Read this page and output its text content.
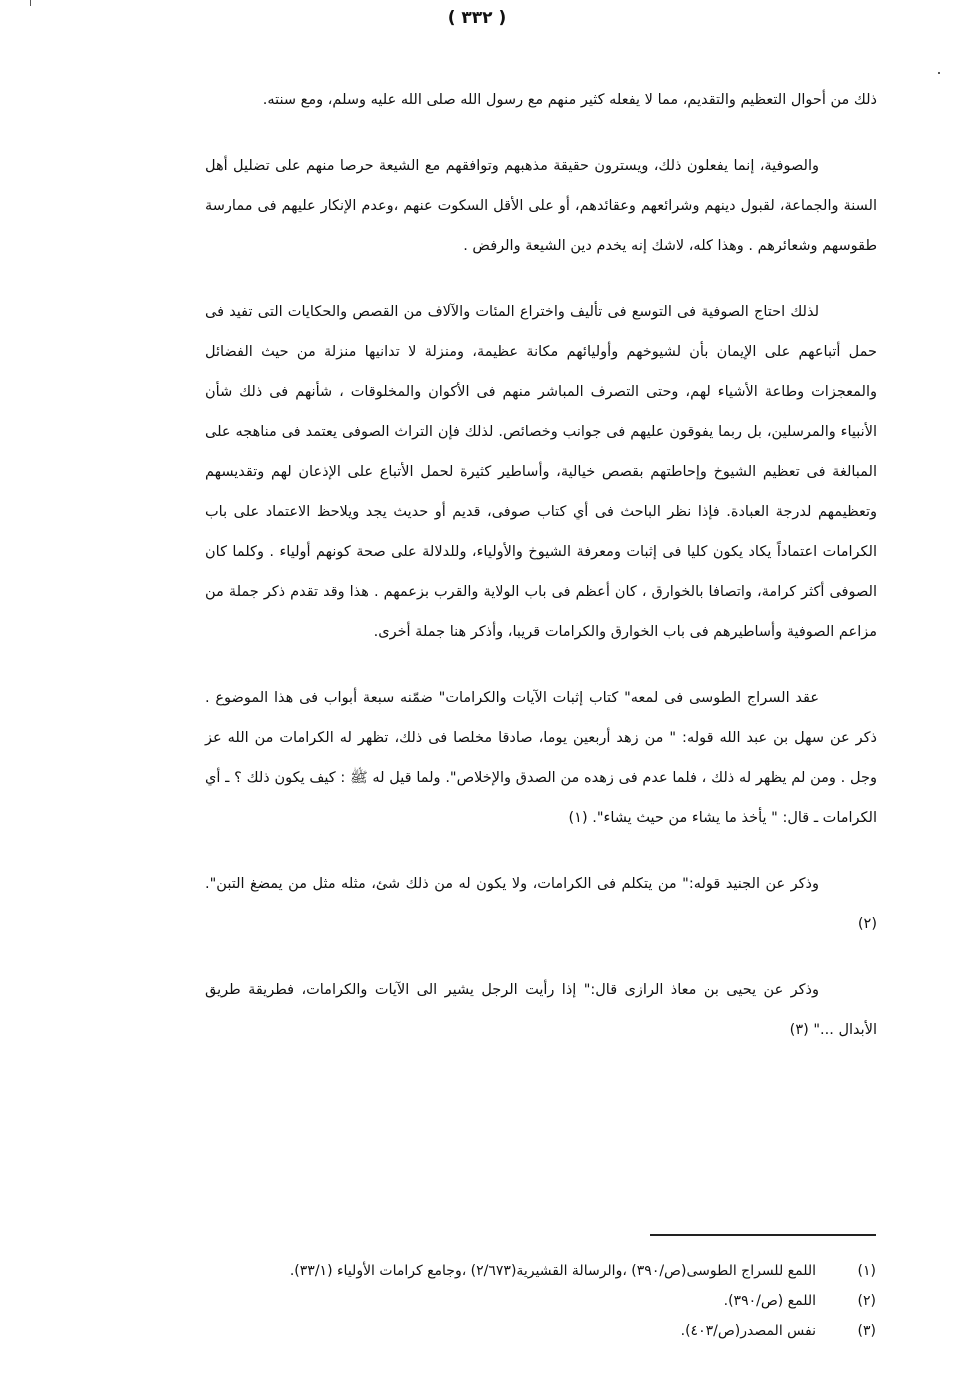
( ٣٣٢ )

ذلك من أحوال التعظيم والتقديم، مما لا يفعله كثير منهم مع رسول الله صلى الله عليه وسلم، ومع سنته.

والصوفية، إنما يفعلون ذلك، ويسترون حقيقة مذهبهم وتوافقهم مع الشيعة حرصا منهم على تضليل أهل السنة والجماعة، لقبول دينهم وشرائعهم وعقائدهم، أو على الأقل السكوت عنهم ،وعدم الإنكار عليهم فى ممارسة طقوسهم وشعائرهم . وهذا كله، لاشك إنه يخدم دين الشيعة والرفض .

لذلك احتاج الصوفية فى التوسع فى تأليف واختراع المئات والآلاف من القصص والحكايات التى تفيد فى حمل أتباعهم على الإيمان بأن لشيوخهم وأوليائهم مكانة عظيمة، ومنزلة لا تدانيها منزلة من حيث الفضائل والمعجزات وطاعة الأشياء لهم، وحتى التصرف المباشر منهم فى الأكوان والمخلوقات ، شأنهم فى ذلك شأن الأنبياء والمرسلين، بل ربما يفوقون عليهم فى جوانب وخصائص. لذلك فإن التراث الصوفى يعتمد فى مناهجه على المبالغة فى تعظيم الشيوخ وإحاطتهم بقصص خيالية، وأساطير كثيرة لحمل الأتباع على الإذعان لهم وتقديسهم وتعظيمهم لدرجة العبادة. فإذا نظر الباحث فى أي كتاب صوفى، قديم أو حديث يجد ويلاحظ الاعتماد على باب الكرامات اعتماداً يكاد يكون كليا فى إثبات ومعرفة الشيوخ والأولياء، وللدلالة على صحة كونهم أولياء . وكلما كان الصوفى أكثر كرامة، واتصافا بالخوارق ، كان أعظم فى باب الولاية والقرب بزعمهم . هذا وقد تقدم ذكر جملة من مزاعم الصوفية وأساطيرهم فى باب الخوارق والكرامات قريبا، وأذكر هنا جملة أخرى.

عقد السراج الطوسى فى لمعه" كتاب إثبات الآيات والكرامات" ضمّنه سبعة أبواب فى هذا الموضوع . ذكر عن سهل بن عبد الله قوله: " من زهد أربعين يوما، صادقا مخلصا فى ذلك، تظهر له الكرامات من الله عز وجل . ومن لم يظهر له ذلك ، فلما عدم فى زهده من الصدق والإخلاص". ولما قيل له ﷺ : كيف يكون ذلك ؟ ـ أي الكرامات ـ قال: " يأخذ ما يشاء من حيث يشاء". (١)

وذكر عن الجنيد قوله:" من يتكلم فى الكرامات، ولا يكون له من ذلك شئ، مثله مثل من يمضغ التبن". (٢)

وذكر عن يحيى بن معاذ الرازى قال:" إذا رأيت الرجل يشير الى الآيات والكرامات، فطريقة طريق الأبدال ..." (٣)

(١)
اللمع للسراج الطوسى(ص/٣٩٠) ،والرسالة القشيرية(٢/٦٧٣) ،وجامع كرامات الأولياء (٣٣/١).
(٢)
اللمع (ص/٣٩٠).
(٣)
نفس المصدر(ص/٤٠٣).
